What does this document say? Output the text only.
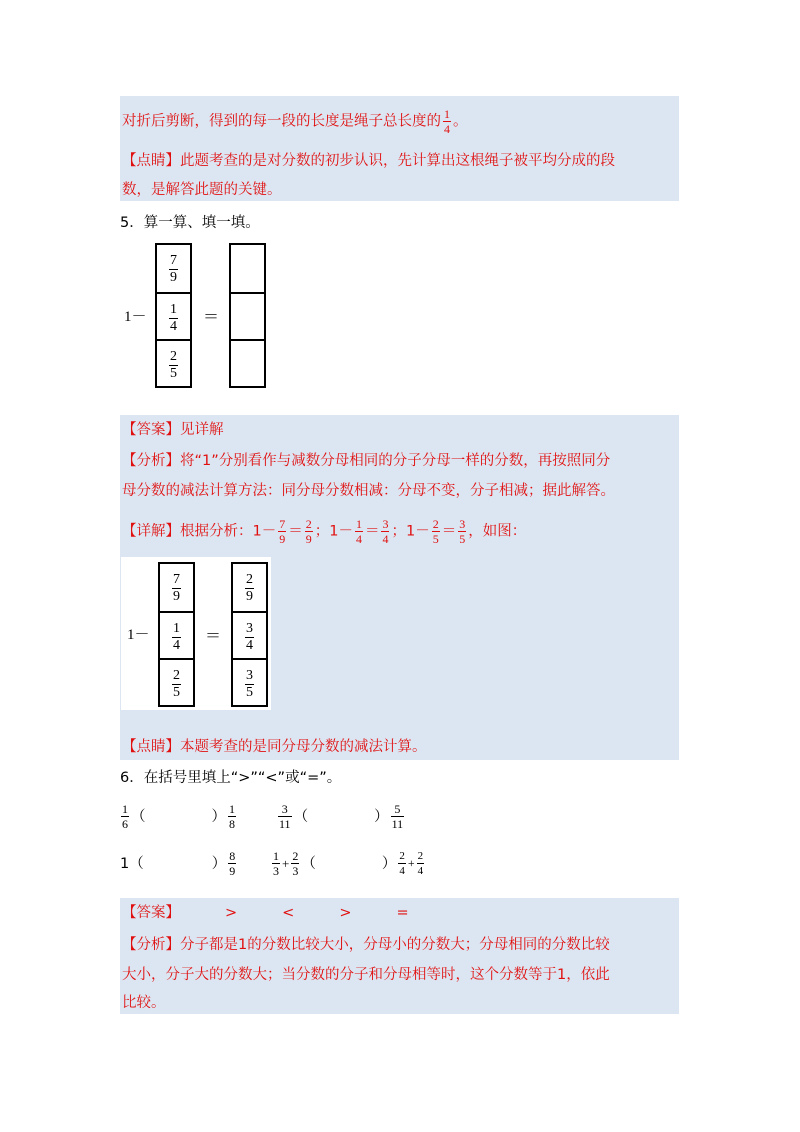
对折后剪断，得到的每一段的长度是绳子总长度的 $\frac{1}{4}$ 。
【点睛】此题考查的是对分数的初步认识，先计算出这根绳子被平均分成的段
数，是解答此题的关键。
5．算一算、填一填。
1－
$\frac{7}{9}$
$\frac{1}{4}$
$\frac{2}{5}$
＝
【答案】见详解
【分析】将“1”分别看作与减数分母相同的分子分母一样的分数，再按照同分
母分数的减法计算方法：同分母分数相减：分母不变，分子相减；据此解答。
【详解】根据分析：$1- \frac{7}{9} = \frac{2}{9}$ ；$1- \frac{1}{4} = \frac{3}{4}$ ；$1- \frac{2}{5} = \frac{3}{5}$ ，如图：
1－
$\frac{7}{9}$
$\frac{1}{4}$
$\frac{2}{5}$
＝
$\frac{2}{9}$
$\frac{3}{4}$
$\frac{3}{5}$
【点睛】本题考查的是同分母分数的减法计算。
6．在括号里填上“>”“<”或“=”。
$\frac{1}{6}$ （	） $\frac{1}{8}$	$\frac{3}{11}$ （	） $\frac{5}{11}$
1 （	） $\frac{8}{9}$	$\frac{1}{3} + \frac{2}{3}$ （	） $\frac{2}{4} + \frac{2}{4}$
【答案】	>	<	>	=
【分析】分子都是1的分数比较大小，分母小的分数大；分母相同的分数比较
大小，分子大的分数大；当分数的分子和分母相等时，这个分数等于1，依此
比较。
